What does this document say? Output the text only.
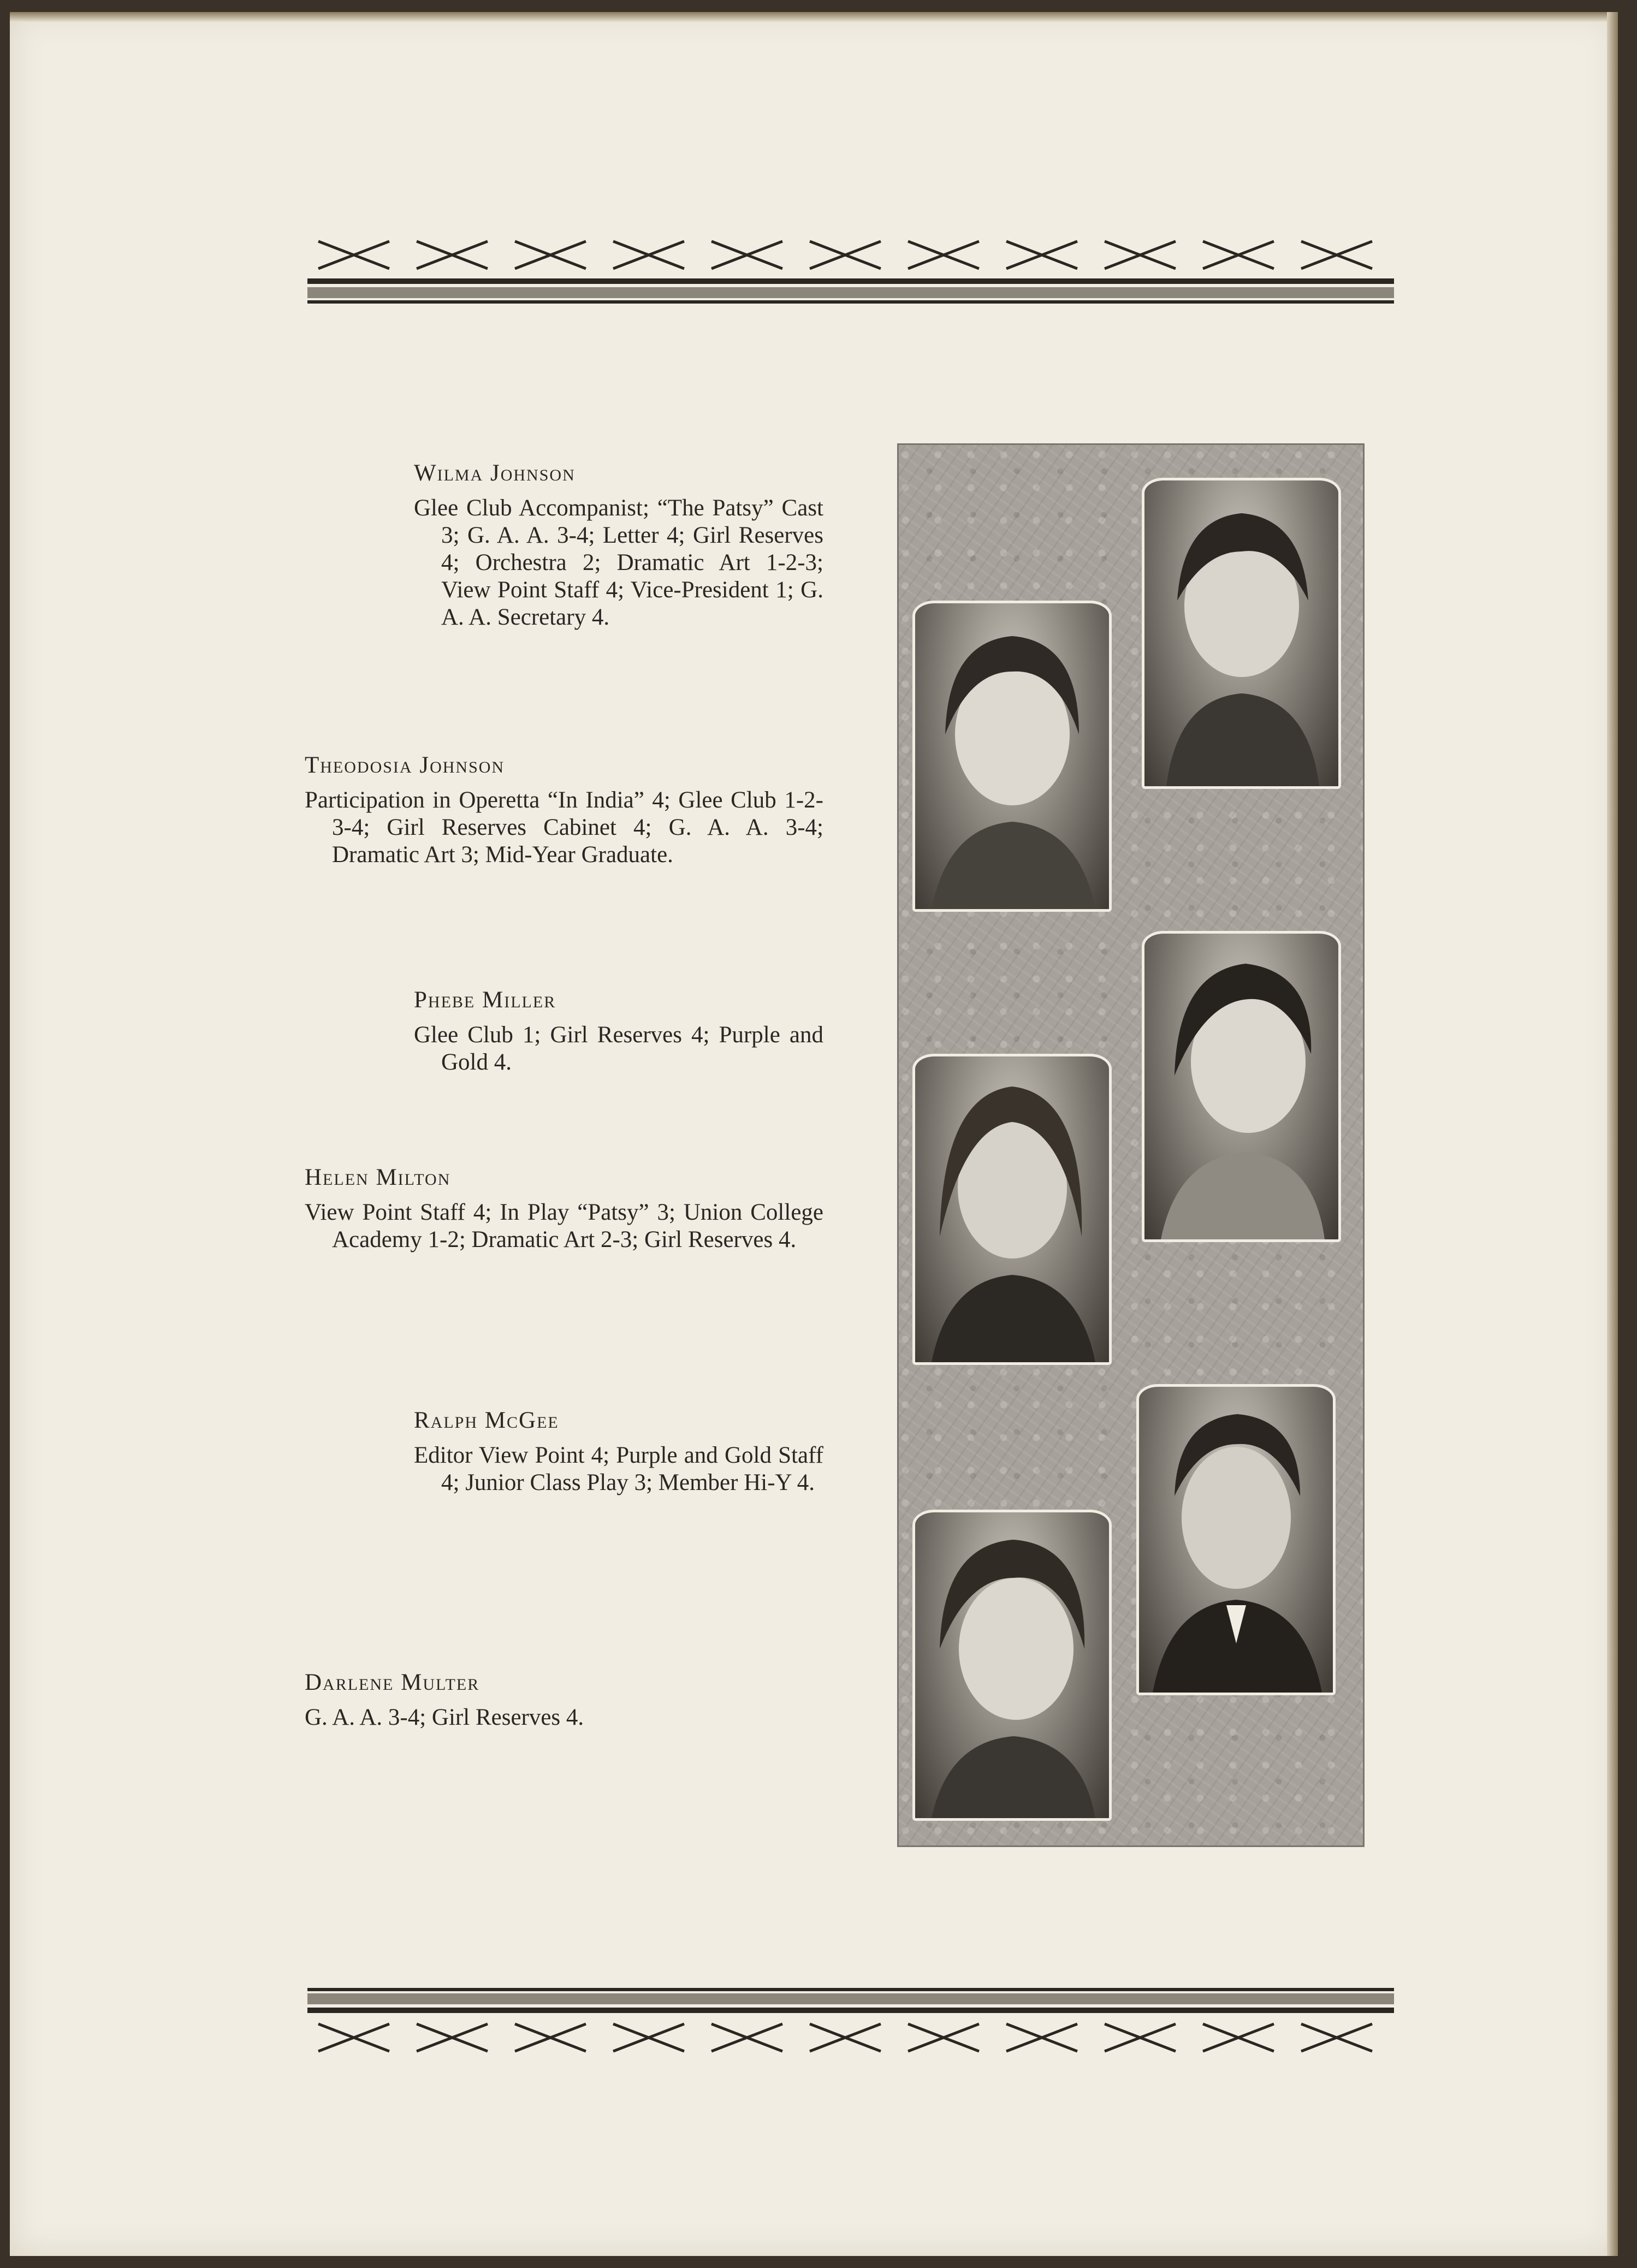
Wilma Johnson
Glee Club Accompanist; “The Patsy” Cast 3; G. A. A. 3-4; Letter 4; Girl Reserves 4; Orchestra 2; Dramatic Art 1-2-3; View Point Staff 4; Vice-President 1; G. A. A. Secretary 4.
Theodosia Johnson
Participation in Operetta “In India” 4; Glee Club 1-2-3-4; Girl Reserves Cabinet 4; G. A. A. 3-4; Dramatic Art 3; Mid-Year Graduate.
Phebe Miller
Glee Club 1; Girl Reserves 4; Purple and Gold 4.
Helen Milton
View Point Staff 4; In Play “Patsy” 3; Union College Academy 1-2; Dramatic Art 2-3; Girl Reserves 4.
Ralph McGee
Editor View Point 4; Purple and Gold Staff 4; Junior Class Play 3; Member Hi-Y 4.
Darlene Multer
G. A. A. 3-4; Girl Reserves 4.
